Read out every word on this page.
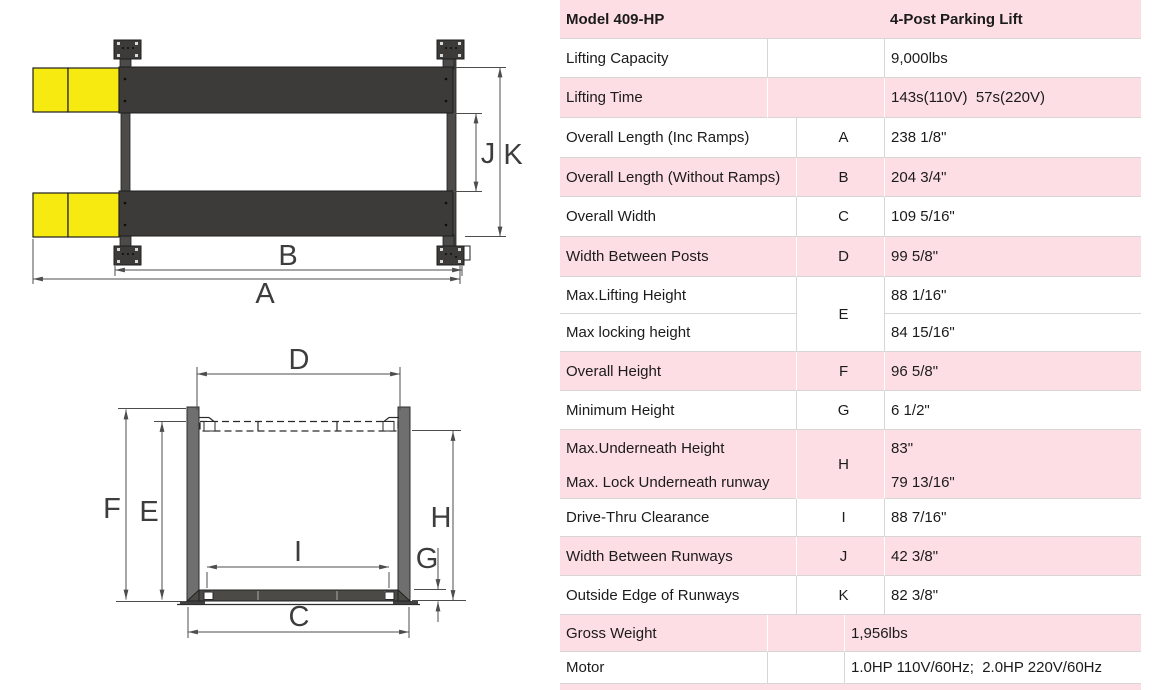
J K
B
A
D
F E	H
G
I
C
Model 409-HP				4-Post Parking Lift
Lifting Capacity				9,000lbs
Lifting Time				143s(110V)  57s(220V)
Overall Length (Inc Ramps)		A		238 1/8"
Overall Length (Without Ramps)		B		204 3/4"
Overall Width		C		109 5/16"
Width Between Posts		D		99 5/8"
Max.Lifting Height		E		88 1/16"
Max locking height				84 15/16"
Overall Height		F		96 5/8"
Minimum Height		G		6 1/2"
Max.Underneath Height		H		83"
Max. Lock Underneath runway				79 13/16"
Drive-Thru Clearance		I		88 7/16"
Width Between Runways		J		42 3/8"
Outside Edge of Runways		K		82 3/8"
Gross Weight			1,956lbs	
Motor			1.0HP 110V/60Hz;  2.0HP 220V/60Hz	
